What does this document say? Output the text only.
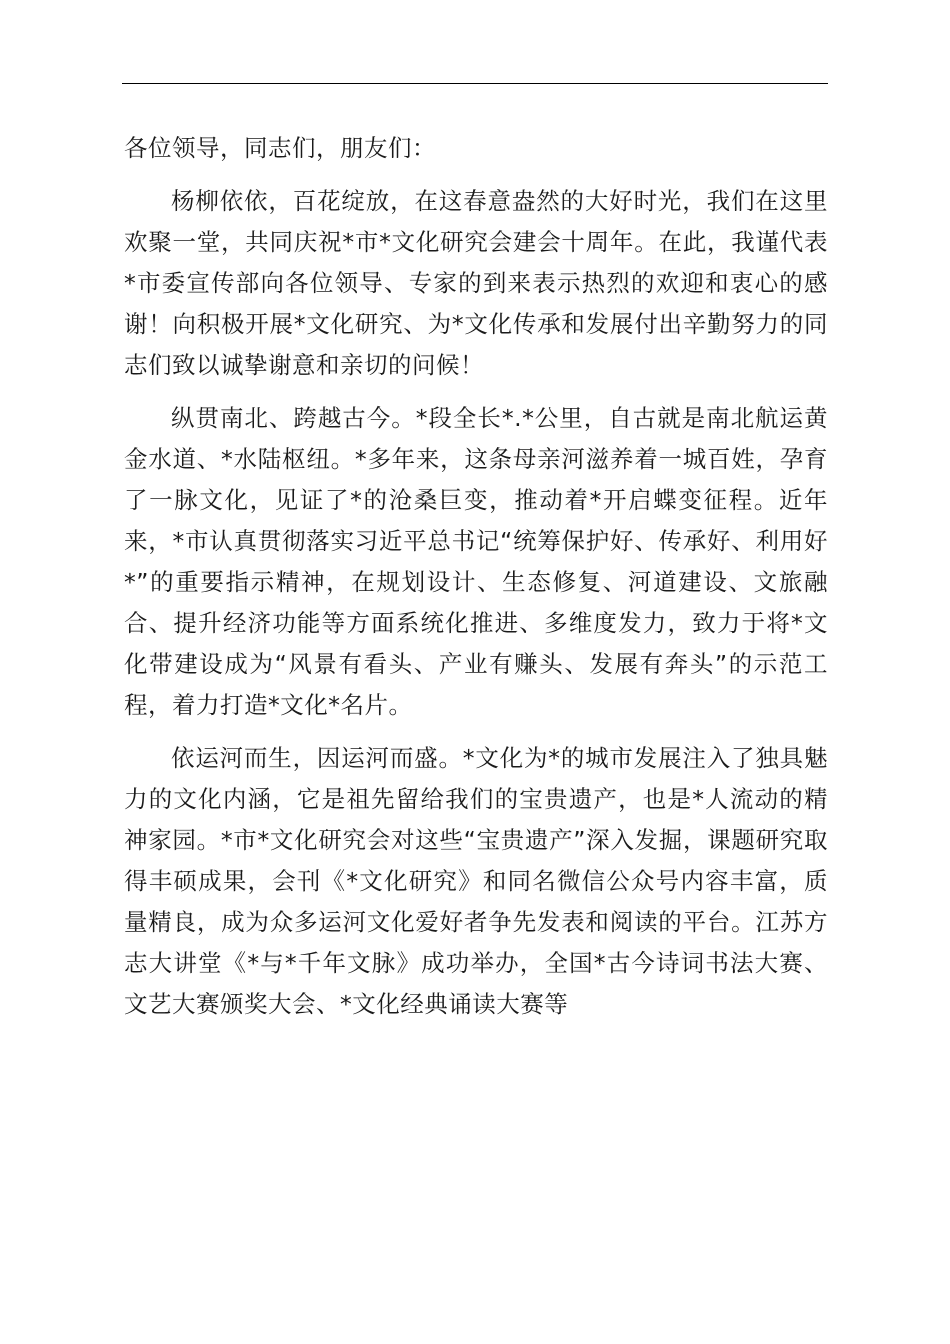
各位领导，同志们，朋友们：

杨柳依依，百花绽放，在这春意盎然的大好时光，我们在这里欢聚一堂，共同庆祝*市*文化研究会建会十周年。在此，我谨代表*市委宣传部向各位领导、专家的到来表示热烈的欢迎和衷心的感谢！向积极开展*文化研究、为*文化传承和发展付出辛勤努力的同志们致以诚挚谢意和亲切的问候！

纵贯南北、跨越古今。*段全长*.*公里，自古就是南北航运黄金水道、*水陆枢纽。*多年来，这条母亲河滋养着一城百姓，孕育了一脉文化，见证了*的沧桑巨变，推动着*开启蝶变征程。近年来，*市认真贯彻落实习近平总书记“统筹保护好、传承好、利用好*”的重要指示精神，在规划设计、生态修复、河道建设、文旅融合、提升经济功能等方面系统化推进、多维度发力，致力于将*文化带建设成为“风景有看头、产业有赚头、发展有奔头”的示范工程，着力打造*文化*名片。

依运河而生，因运河而盛。*文化为*的城市发展注入了独具魅力的文化内涵，它是祖先留给我们的宝贵遗产，也是*人流动的精神家园。*市*文化研究会对这些“宝贵遗产”深入发掘，课题研究取得丰硕成果，会刊《*文化研究》和同名微信公众号内容丰富，质量精良，成为众多运河文化爱好者争先发表和阅读的平台。江苏方志大讲堂《*与*千年文脉》成功举办，全国*古今诗词书法大赛、文艺大赛颁奖大会、*文化经典诵读大赛等
